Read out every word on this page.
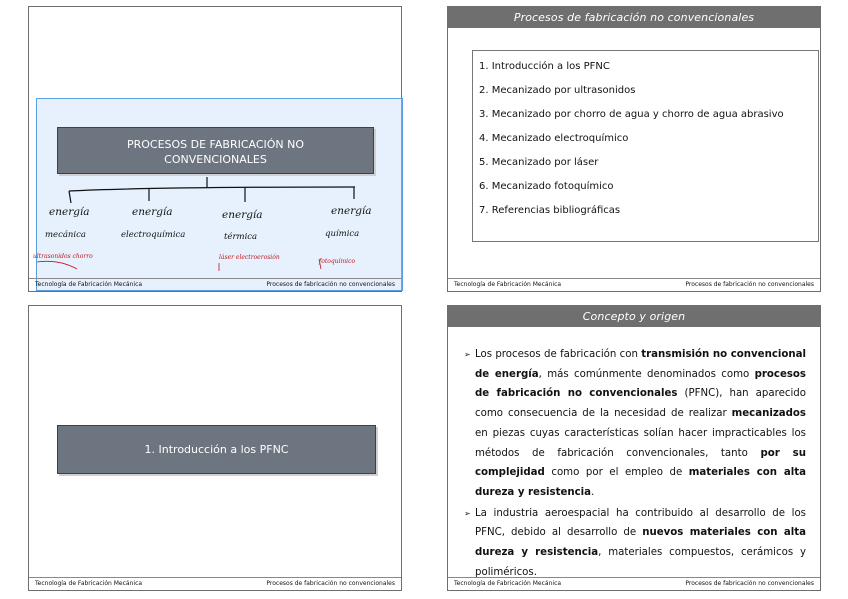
PROCESOS DE FABRICACIÓN NO
CONVENCIONALES
energía
mecánica
ultrasonidos chorro
energía
electroquímica
energía
térmica
láser electroerosión
energía
química
fotoquímico
Tecnología de Fabricación Mecánica	Procesos de fabricación no convencionales
Procesos de fabricación no convencionales
1. Introducción a los PFNC
2. Mecanizado por ultrasonidos
3. Mecanizado por chorro de agua y chorro de agua abrasivo
4. Mecanizado electroquímico
5. Mecanizado por láser
6. Mecanizado fotoquímico
7. Referencias bibliográficas
Tecnología de Fabricación Mecánica	Procesos de fabricación no convencionales
1. Introducción a los PFNC
Tecnología de Fabricación Mecánica	Procesos de fabricación no convencionales
Concepto y origen

➢ Los procesos de fabricación con transmisión no convencional de energía, más comúnmente denominados como procesos de fabricación no convencionales (PFNC), han aparecido como consecuencia de la necesidad de realizar mecanizados en piezas cuyas características solían hacer impracticables los métodos de fabricación convencionales, tanto por su complejidad como por el empleo de materiales con alta dureza y resistencia.

➢ La industria aeroespacial ha contribuido al desarrollo de los PFNC, debido al desarrollo de nuevos materiales con alta dureza y resistencia, materiales compuestos, cerámicos y poliméricos.

Tecnología de Fabricación Mecánica	Procesos de fabricación no convencionales
